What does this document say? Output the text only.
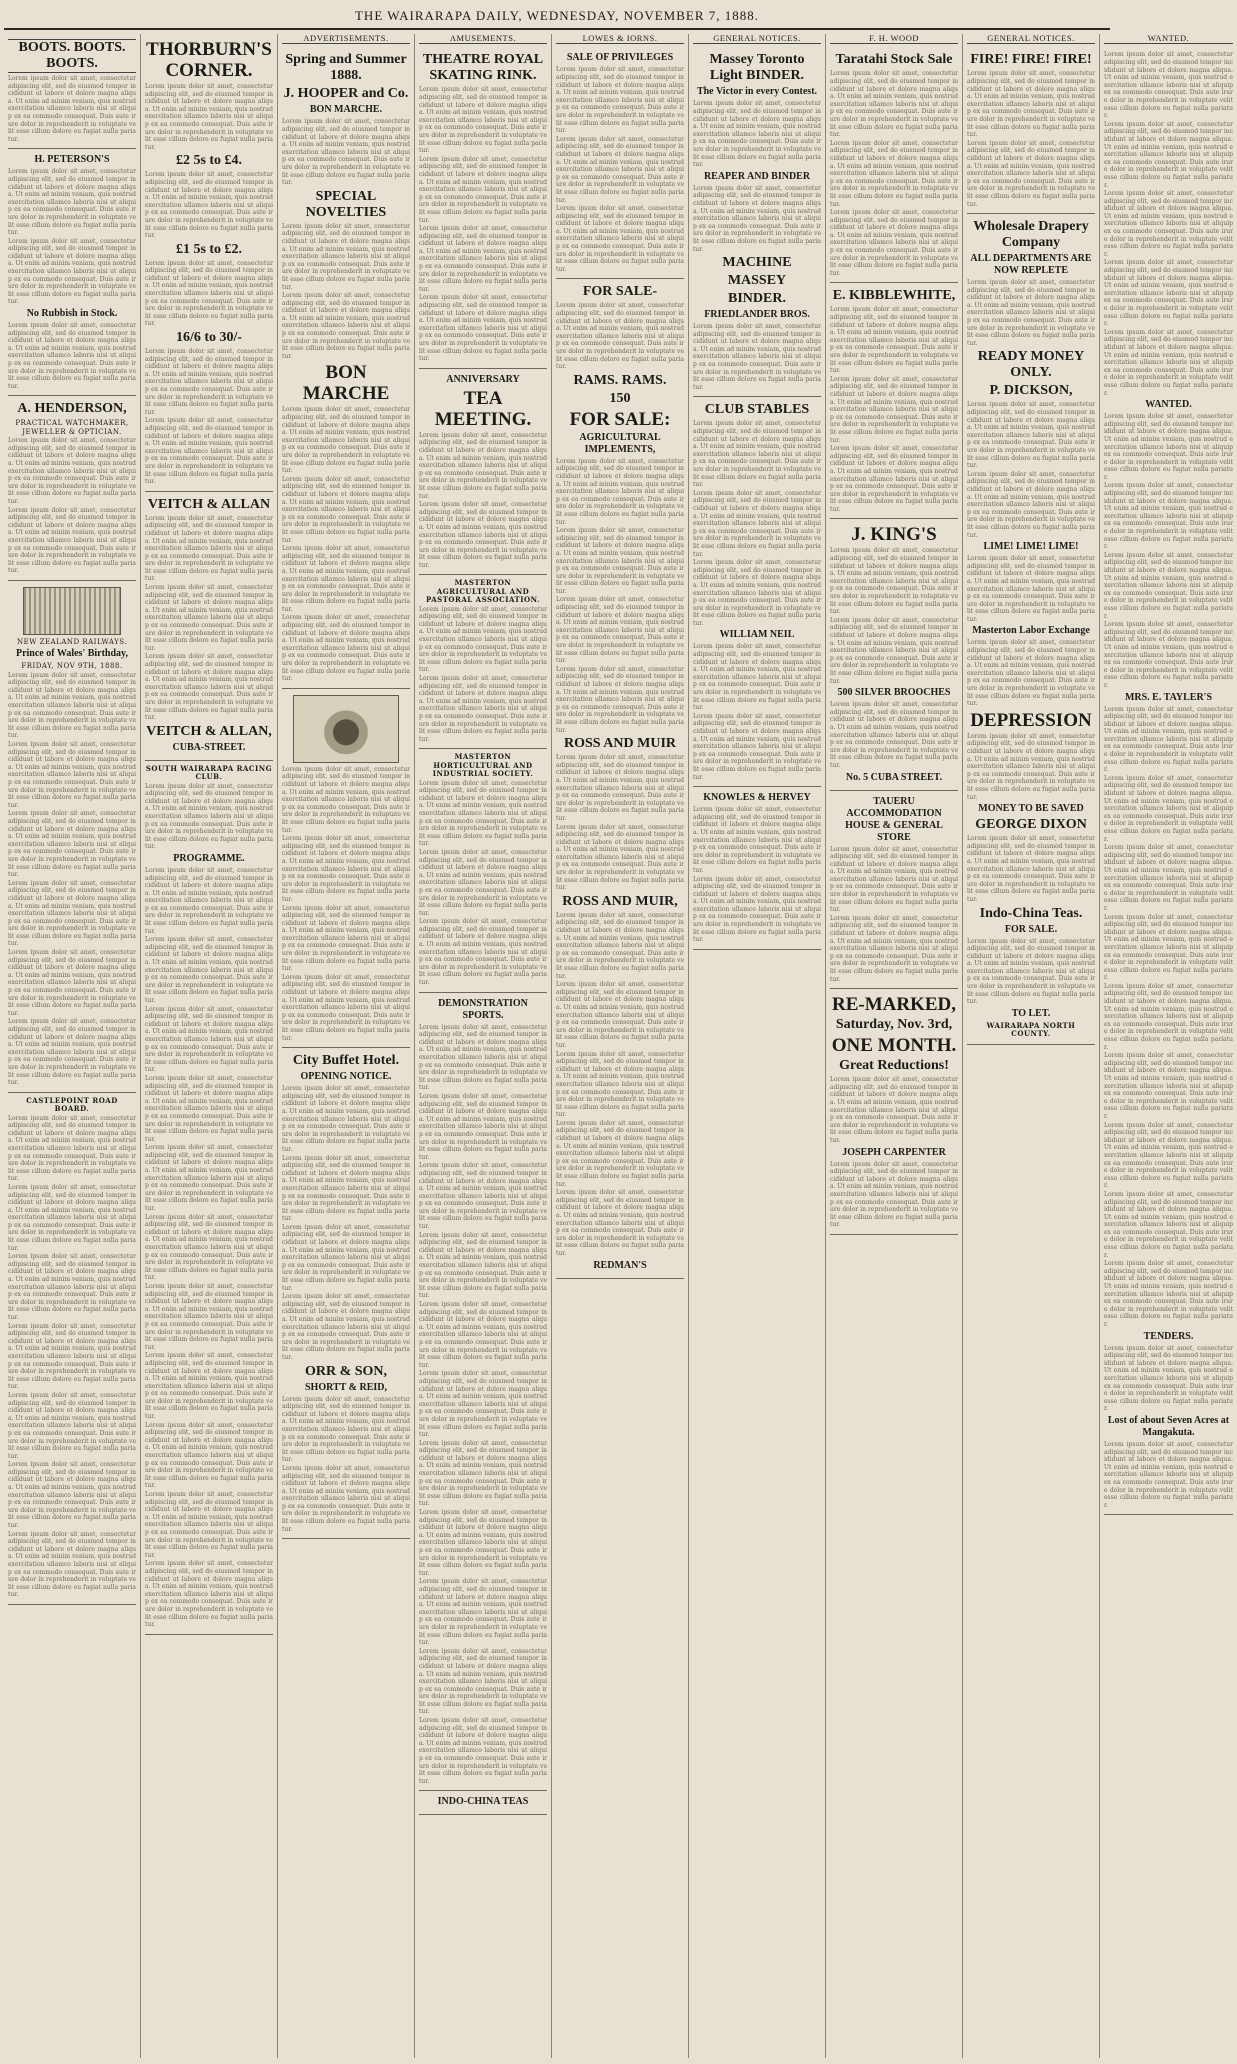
THE WAIRARAPA DAILY, WEDNESDAY, NOVEMBER 7, 1888.
BOOTS. BOOTS. BOOTS.
Lorem ipsum dolor sit amet, consectetur adipiscing elit, sed do eiusmod tempor incididunt ut labore et dolore magna aliqua. Ut enim ad minim veniam, quis nostrud exercitation ullamco laboris nisi ut aliquip ex ea commodo consequat. Duis aute irure dolor in reprehenderit in voluptate velit esse cillum dolore eu fugiat nulla pariatur.
H. PETERSON'S
Lorem ipsum dolor sit amet, consectetur adipiscing elit, sed do eiusmod tempor incididunt ut labore et dolore magna aliqua. Ut enim ad minim veniam, quis nostrud exercitation ullamco laboris nisi ut aliquip ex ea commodo consequat. Duis aute irure dolor in reprehenderit in voluptate velit esse cillum dolore eu fugiat nulla pariatur.
Lorem ipsum dolor sit amet, consectetur adipiscing elit, sed do eiusmod tempor incididunt ut labore et dolore magna aliqua. Ut enim ad minim veniam, quis nostrud exercitation ullamco laboris nisi ut aliquip ex ea commodo consequat. Duis aute irure dolor in reprehenderit in voluptate velit esse cillum dolore eu fugiat nulla pariatur.
No Rubbish in Stock.
Lorem ipsum dolor sit amet, consectetur adipiscing elit, sed do eiusmod tempor incididunt ut labore et dolore magna aliqua. Ut enim ad minim veniam, quis nostrud exercitation ullamco laboris nisi ut aliquip ex ea commodo consequat. Duis aute irure dolor in reprehenderit in voluptate velit esse cillum dolore eu fugiat nulla pariatur.
A. HENDERSON,
PRACTICAL WATCHMAKER, JEWELLER & OPTICIAN.
Lorem ipsum dolor sit amet, consectetur adipiscing elit, sed do eiusmod tempor incididunt ut labore et dolore magna aliqua. Ut enim ad minim veniam, quis nostrud exercitation ullamco laboris nisi ut aliquip ex ea commodo consequat. Duis aute irure dolor in reprehenderit in voluptate velit esse cillum dolore eu fugiat nulla pariatur.
Lorem ipsum dolor sit amet, consectetur adipiscing elit, sed do eiusmod tempor incididunt ut labore et dolore magna aliqua. Ut enim ad minim veniam, quis nostrud exercitation ullamco laboris nisi ut aliquip ex ea commodo consequat. Duis aute irure dolor in reprehenderit in voluptate velit esse cillum dolore eu fugiat nulla pariatur.
NEW ZEALAND RAILWAYS.
Prince of Wales' Birthday,
FRIDAY, NOV 9TH, 1888.
Lorem ipsum dolor sit amet, consectetur adipiscing elit, sed do eiusmod tempor incididunt ut labore et dolore magna aliqua. Ut enim ad minim veniam, quis nostrud exercitation ullamco laboris nisi ut aliquip ex ea commodo consequat. Duis aute irure dolor in reprehenderit in voluptate velit esse cillum dolore eu fugiat nulla pariatur.
Lorem ipsum dolor sit amet, consectetur adipiscing elit, sed do eiusmod tempor incididunt ut labore et dolore magna aliqua. Ut enim ad minim veniam, quis nostrud exercitation ullamco laboris nisi ut aliquip ex ea commodo consequat. Duis aute irure dolor in reprehenderit in voluptate velit esse cillum dolore eu fugiat nulla pariatur.
Lorem ipsum dolor sit amet, consectetur adipiscing elit, sed do eiusmod tempor incididunt ut labore et dolore magna aliqua. Ut enim ad minim veniam, quis nostrud exercitation ullamco laboris nisi ut aliquip ex ea commodo consequat. Duis aute irure dolor in reprehenderit in voluptate velit esse cillum dolore eu fugiat nulla pariatur.
Lorem ipsum dolor sit amet, consectetur adipiscing elit, sed do eiusmod tempor incididunt ut labore et dolore magna aliqua. Ut enim ad minim veniam, quis nostrud exercitation ullamco laboris nisi ut aliquip ex ea commodo consequat. Duis aute irure dolor in reprehenderit in voluptate velit esse cillum dolore eu fugiat nulla pariatur.
Lorem ipsum dolor sit amet, consectetur adipiscing elit, sed do eiusmod tempor incididunt ut labore et dolore magna aliqua. Ut enim ad minim veniam, quis nostrud exercitation ullamco laboris nisi ut aliquip ex ea commodo consequat. Duis aute irure dolor in reprehenderit in voluptate velit esse cillum dolore eu fugiat nulla pariatur.
Lorem ipsum dolor sit amet, consectetur adipiscing elit, sed do eiusmod tempor incididunt ut labore et dolore magna aliqua. Ut enim ad minim veniam, quis nostrud exercitation ullamco laboris nisi ut aliquip ex ea commodo consequat. Duis aute irure dolor in reprehenderit in voluptate velit esse cillum dolore eu fugiat nulla pariatur.
CASTLEPOINT ROAD BOARD.
Lorem ipsum dolor sit amet, consectetur adipiscing elit, sed do eiusmod tempor incididunt ut labore et dolore magna aliqua. Ut enim ad minim veniam, quis nostrud exercitation ullamco laboris nisi ut aliquip ex ea commodo consequat. Duis aute irure dolor in reprehenderit in voluptate velit esse cillum dolore eu fugiat nulla pariatur.
Lorem ipsum dolor sit amet, consectetur adipiscing elit, sed do eiusmod tempor incididunt ut labore et dolore magna aliqua. Ut enim ad minim veniam, quis nostrud exercitation ullamco laboris nisi ut aliquip ex ea commodo consequat. Duis aute irure dolor in reprehenderit in voluptate velit esse cillum dolore eu fugiat nulla pariatur.
Lorem ipsum dolor sit amet, consectetur adipiscing elit, sed do eiusmod tempor incididunt ut labore et dolore magna aliqua. Ut enim ad minim veniam, quis nostrud exercitation ullamco laboris nisi ut aliquip ex ea commodo consequat. Duis aute irure dolor in reprehenderit in voluptate velit esse cillum dolore eu fugiat nulla pariatur.
Lorem ipsum dolor sit amet, consectetur adipiscing elit, sed do eiusmod tempor incididunt ut labore et dolore magna aliqua. Ut enim ad minim veniam, quis nostrud exercitation ullamco laboris nisi ut aliquip ex ea commodo consequat. Duis aute irure dolor in reprehenderit in voluptate velit esse cillum dolore eu fugiat nulla pariatur.
Lorem ipsum dolor sit amet, consectetur adipiscing elit, sed do eiusmod tempor incididunt ut labore et dolore magna aliqua. Ut enim ad minim veniam, quis nostrud exercitation ullamco laboris nisi ut aliquip ex ea commodo consequat. Duis aute irure dolor in reprehenderit in voluptate velit esse cillum dolore eu fugiat nulla pariatur.
Lorem ipsum dolor sit amet, consectetur adipiscing elit, sed do eiusmod tempor incididunt ut labore et dolore magna aliqua. Ut enim ad minim veniam, quis nostrud exercitation ullamco laboris nisi ut aliquip ex ea commodo consequat. Duis aute irure dolor in reprehenderit in voluptate velit esse cillum dolore eu fugiat nulla pariatur.
Lorem ipsum dolor sit amet, consectetur adipiscing elit, sed do eiusmod tempor incididunt ut labore et dolore magna aliqua. Ut enim ad minim veniam, quis nostrud exercitation ullamco laboris nisi ut aliquip ex ea commodo consequat. Duis aute irure dolor in reprehenderit in voluptate velit esse cillum dolore eu fugiat nulla pariatur.
THORBURN'S CORNER.
Lorem ipsum dolor sit amet, consectetur adipiscing elit, sed do eiusmod tempor incididunt ut labore et dolore magna aliqua. Ut enim ad minim veniam, quis nostrud exercitation ullamco laboris nisi ut aliquip ex ea commodo consequat. Duis aute irure dolor in reprehenderit in voluptate velit esse cillum dolore eu fugiat nulla pariatur.
£2 5s to £4.
Lorem ipsum dolor sit amet, consectetur adipiscing elit, sed do eiusmod tempor incididunt ut labore et dolore magna aliqua. Ut enim ad minim veniam, quis nostrud exercitation ullamco laboris nisi ut aliquip ex ea commodo consequat. Duis aute irure dolor in reprehenderit in voluptate velit esse cillum dolore eu fugiat nulla pariatur.
£1 5s to £2.
Lorem ipsum dolor sit amet, consectetur adipiscing elit, sed do eiusmod tempor incididunt ut labore et dolore magna aliqua. Ut enim ad minim veniam, quis nostrud exercitation ullamco laboris nisi ut aliquip ex ea commodo consequat. Duis aute irure dolor in reprehenderit in voluptate velit esse cillum dolore eu fugiat nulla pariatur.
16/6 to 30/-
Lorem ipsum dolor sit amet, consectetur adipiscing elit, sed do eiusmod tempor incididunt ut labore et dolore magna aliqua. Ut enim ad minim veniam, quis nostrud exercitation ullamco laboris nisi ut aliquip ex ea commodo consequat. Duis aute irure dolor in reprehenderit in voluptate velit esse cillum dolore eu fugiat nulla pariatur.
Lorem ipsum dolor sit amet, consectetur adipiscing elit, sed do eiusmod tempor incididunt ut labore et dolore magna aliqua. Ut enim ad minim veniam, quis nostrud exercitation ullamco laboris nisi ut aliquip ex ea commodo consequat. Duis aute irure dolor in reprehenderit in voluptate velit esse cillum dolore eu fugiat nulla pariatur.
VEITCH & ALLAN
Lorem ipsum dolor sit amet, consectetur adipiscing elit, sed do eiusmod tempor incididunt ut labore et dolore magna aliqua. Ut enim ad minim veniam, quis nostrud exercitation ullamco laboris nisi ut aliquip ex ea commodo consequat. Duis aute irure dolor in reprehenderit in voluptate velit esse cillum dolore eu fugiat nulla pariatur.
Lorem ipsum dolor sit amet, consectetur adipiscing elit, sed do eiusmod tempor incididunt ut labore et dolore magna aliqua. Ut enim ad minim veniam, quis nostrud exercitation ullamco laboris nisi ut aliquip ex ea commodo consequat. Duis aute irure dolor in reprehenderit in voluptate velit esse cillum dolore eu fugiat nulla pariatur.
Lorem ipsum dolor sit amet, consectetur adipiscing elit, sed do eiusmod tempor incididunt ut labore et dolore magna aliqua. Ut enim ad minim veniam, quis nostrud exercitation ullamco laboris nisi ut aliquip ex ea commodo consequat. Duis aute irure dolor in reprehenderit in voluptate velit esse cillum dolore eu fugiat nulla pariatur.
VEITCH & ALLAN,
CUBA-STREET.
SOUTH WAIRARAPA RACING CLUB.
Lorem ipsum dolor sit amet, consectetur adipiscing elit, sed do eiusmod tempor incididunt ut labore et dolore magna aliqua. Ut enim ad minim veniam, quis nostrud exercitation ullamco laboris nisi ut aliquip ex ea commodo consequat. Duis aute irure dolor in reprehenderit in voluptate velit esse cillum dolore eu fugiat nulla pariatur.
PROGRAMME.
Lorem ipsum dolor sit amet, consectetur adipiscing elit, sed do eiusmod tempor incididunt ut labore et dolore magna aliqua. Ut enim ad minim veniam, quis nostrud exercitation ullamco laboris nisi ut aliquip ex ea commodo consequat. Duis aute irure dolor in reprehenderit in voluptate velit esse cillum dolore eu fugiat nulla pariatur.
Lorem ipsum dolor sit amet, consectetur adipiscing elit, sed do eiusmod tempor incididunt ut labore et dolore magna aliqua. Ut enim ad minim veniam, quis nostrud exercitation ullamco laboris nisi ut aliquip ex ea commodo consequat. Duis aute irure dolor in reprehenderit in voluptate velit esse cillum dolore eu fugiat nulla pariatur.
Lorem ipsum dolor sit amet, consectetur adipiscing elit, sed do eiusmod tempor incididunt ut labore et dolore magna aliqua. Ut enim ad minim veniam, quis nostrud exercitation ullamco laboris nisi ut aliquip ex ea commodo consequat. Duis aute irure dolor in reprehenderit in voluptate velit esse cillum dolore eu fugiat nulla pariatur.
Lorem ipsum dolor sit amet, consectetur adipiscing elit, sed do eiusmod tempor incididunt ut labore et dolore magna aliqua. Ut enim ad minim veniam, quis nostrud exercitation ullamco laboris nisi ut aliquip ex ea commodo consequat. Duis aute irure dolor in reprehenderit in voluptate velit esse cillum dolore eu fugiat nulla pariatur.
Lorem ipsum dolor sit amet, consectetur adipiscing elit, sed do eiusmod tempor incididunt ut labore et dolore magna aliqua. Ut enim ad minim veniam, quis nostrud exercitation ullamco laboris nisi ut aliquip ex ea commodo consequat. Duis aute irure dolor in reprehenderit in voluptate velit esse cillum dolore eu fugiat nulla pariatur.
Lorem ipsum dolor sit amet, consectetur adipiscing elit, sed do eiusmod tempor incididunt ut labore et dolore magna aliqua. Ut enim ad minim veniam, quis nostrud exercitation ullamco laboris nisi ut aliquip ex ea commodo consequat. Duis aute irure dolor in reprehenderit in voluptate velit esse cillum dolore eu fugiat nulla pariatur.
Lorem ipsum dolor sit amet, consectetur adipiscing elit, sed do eiusmod tempor incididunt ut labore et dolore magna aliqua. Ut enim ad minim veniam, quis nostrud exercitation ullamco laboris nisi ut aliquip ex ea commodo consequat. Duis aute irure dolor in reprehenderit in voluptate velit esse cillum dolore eu fugiat nulla pariatur.
Lorem ipsum dolor sit amet, consectetur adipiscing elit, sed do eiusmod tempor incididunt ut labore et dolore magna aliqua. Ut enim ad minim veniam, quis nostrud exercitation ullamco laboris nisi ut aliquip ex ea commodo consequat. Duis aute irure dolor in reprehenderit in voluptate velit esse cillum dolore eu fugiat nulla pariatur.
Lorem ipsum dolor sit amet, consectetur adipiscing elit, sed do eiusmod tempor incididunt ut labore et dolore magna aliqua. Ut enim ad minim veniam, quis nostrud exercitation ullamco laboris nisi ut aliquip ex ea commodo consequat. Duis aute irure dolor in reprehenderit in voluptate velit esse cillum dolore eu fugiat nulla pariatur.
Lorem ipsum dolor sit amet, consectetur adipiscing elit, sed do eiusmod tempor incididunt ut labore et dolore magna aliqua. Ut enim ad minim veniam, quis nostrud exercitation ullamco laboris nisi ut aliquip ex ea commodo consequat. Duis aute irure dolor in reprehenderit in voluptate velit esse cillum dolore eu fugiat nulla pariatur.
Lorem ipsum dolor sit amet, consectetur adipiscing elit, sed do eiusmod tempor incididunt ut labore et dolore magna aliqua. Ut enim ad minim veniam, quis nostrud exercitation ullamco laboris nisi ut aliquip ex ea commodo consequat. Duis aute irure dolor in reprehenderit in voluptate velit esse cillum dolore eu fugiat nulla pariatur.
ADVERTISEMENTS.
Spring and Summer 1888.
J. HOOPER and Co.
BON MARCHE.
Lorem ipsum dolor sit amet, consectetur adipiscing elit, sed do eiusmod tempor incididunt ut labore et dolore magna aliqua. Ut enim ad minim veniam, quis nostrud exercitation ullamco laboris nisi ut aliquip ex ea commodo consequat. Duis aute irure dolor in reprehenderit in voluptate velit esse cillum dolore eu fugiat nulla pariatur.
SPECIAL NOVELTIES
Lorem ipsum dolor sit amet, consectetur adipiscing elit, sed do eiusmod tempor incididunt ut labore et dolore magna aliqua. Ut enim ad minim veniam, quis nostrud exercitation ullamco laboris nisi ut aliquip ex ea commodo consequat. Duis aute irure dolor in reprehenderit in voluptate velit esse cillum dolore eu fugiat nulla pariatur.
Lorem ipsum dolor sit amet, consectetur adipiscing elit, sed do eiusmod tempor incididunt ut labore et dolore magna aliqua. Ut enim ad minim veniam, quis nostrud exercitation ullamco laboris nisi ut aliquip ex ea commodo consequat. Duis aute irure dolor in reprehenderit in voluptate velit esse cillum dolore eu fugiat nulla pariatur.
BON MARCHE
Lorem ipsum dolor sit amet, consectetur adipiscing elit, sed do eiusmod tempor incididunt ut labore et dolore magna aliqua. Ut enim ad minim veniam, quis nostrud exercitation ullamco laboris nisi ut aliquip ex ea commodo consequat. Duis aute irure dolor in reprehenderit in voluptate velit esse cillum dolore eu fugiat nulla pariatur.
Lorem ipsum dolor sit amet, consectetur adipiscing elit, sed do eiusmod tempor incididunt ut labore et dolore magna aliqua. Ut enim ad minim veniam, quis nostrud exercitation ullamco laboris nisi ut aliquip ex ea commodo consequat. Duis aute irure dolor in reprehenderit in voluptate velit esse cillum dolore eu fugiat nulla pariatur.
Lorem ipsum dolor sit amet, consectetur adipiscing elit, sed do eiusmod tempor incididunt ut labore et dolore magna aliqua. Ut enim ad minim veniam, quis nostrud exercitation ullamco laboris nisi ut aliquip ex ea commodo consequat. Duis aute irure dolor in reprehenderit in voluptate velit esse cillum dolore eu fugiat nulla pariatur.
Lorem ipsum dolor sit amet, consectetur adipiscing elit, sed do eiusmod tempor incididunt ut labore et dolore magna aliqua. Ut enim ad minim veniam, quis nostrud exercitation ullamco laboris nisi ut aliquip ex ea commodo consequat. Duis aute irure dolor in reprehenderit in voluptate velit esse cillum dolore eu fugiat nulla pariatur.
Lorem ipsum dolor sit amet, consectetur adipiscing elit, sed do eiusmod tempor incididunt ut labore et dolore magna aliqua. Ut enim ad minim veniam, quis nostrud exercitation ullamco laboris nisi ut aliquip ex ea commodo consequat. Duis aute irure dolor in reprehenderit in voluptate velit esse cillum dolore eu fugiat nulla pariatur.
Lorem ipsum dolor sit amet, consectetur adipiscing elit, sed do eiusmod tempor incididunt ut labore et dolore magna aliqua. Ut enim ad minim veniam, quis nostrud exercitation ullamco laboris nisi ut aliquip ex ea commodo consequat. Duis aute irure dolor in reprehenderit in voluptate velit esse cillum dolore eu fugiat nulla pariatur.
Lorem ipsum dolor sit amet, consectetur adipiscing elit, sed do eiusmod tempor incididunt ut labore et dolore magna aliqua. Ut enim ad minim veniam, quis nostrud exercitation ullamco laboris nisi ut aliquip ex ea commodo consequat. Duis aute irure dolor in reprehenderit in voluptate velit esse cillum dolore eu fugiat nulla pariatur.
Lorem ipsum dolor sit amet, consectetur adipiscing elit, sed do eiusmod tempor incididunt ut labore et dolore magna aliqua. Ut enim ad minim veniam, quis nostrud exercitation ullamco laboris nisi ut aliquip ex ea commodo consequat. Duis aute irure dolor in reprehenderit in voluptate velit esse cillum dolore eu fugiat nulla pariatur.
City Buffet Hotel.
OPENING NOTICE.
Lorem ipsum dolor sit amet, consectetur adipiscing elit, sed do eiusmod tempor incididunt ut labore et dolore magna aliqua. Ut enim ad minim veniam, quis nostrud exercitation ullamco laboris nisi ut aliquip ex ea commodo consequat. Duis aute irure dolor in reprehenderit in voluptate velit esse cillum dolore eu fugiat nulla pariatur.
Lorem ipsum dolor sit amet, consectetur adipiscing elit, sed do eiusmod tempor incididunt ut labore et dolore magna aliqua. Ut enim ad minim veniam, quis nostrud exercitation ullamco laboris nisi ut aliquip ex ea commodo consequat. Duis aute irure dolor in reprehenderit in voluptate velit esse cillum dolore eu fugiat nulla pariatur.
Lorem ipsum dolor sit amet, consectetur adipiscing elit, sed do eiusmod tempor incididunt ut labore et dolore magna aliqua. Ut enim ad minim veniam, quis nostrud exercitation ullamco laboris nisi ut aliquip ex ea commodo consequat. Duis aute irure dolor in reprehenderit in voluptate velit esse cillum dolore eu fugiat nulla pariatur.
Lorem ipsum dolor sit amet, consectetur adipiscing elit, sed do eiusmod tempor incididunt ut labore et dolore magna aliqua. Ut enim ad minim veniam, quis nostrud exercitation ullamco laboris nisi ut aliquip ex ea commodo consequat. Duis aute irure dolor in reprehenderit in voluptate velit esse cillum dolore eu fugiat nulla pariatur.
ORR & SON,
SHORTT & REID,
Lorem ipsum dolor sit amet, consectetur adipiscing elit, sed do eiusmod tempor incididunt ut labore et dolore magna aliqua. Ut enim ad minim veniam, quis nostrud exercitation ullamco laboris nisi ut aliquip ex ea commodo consequat. Duis aute irure dolor in reprehenderit in voluptate velit esse cillum dolore eu fugiat nulla pariatur.
Lorem ipsum dolor sit amet, consectetur adipiscing elit, sed do eiusmod tempor incididunt ut labore et dolore magna aliqua. Ut enim ad minim veniam, quis nostrud exercitation ullamco laboris nisi ut aliquip ex ea commodo consequat. Duis aute irure dolor in reprehenderit in voluptate velit esse cillum dolore eu fugiat nulla pariatur.
AMUSEMENTS.
THEATRE ROYAL SKATING RINK.
Lorem ipsum dolor sit amet, consectetur adipiscing elit, sed do eiusmod tempor incididunt ut labore et dolore magna aliqua. Ut enim ad minim veniam, quis nostrud exercitation ullamco laboris nisi ut aliquip ex ea commodo consequat. Duis aute irure dolor in reprehenderit in voluptate velit esse cillum dolore eu fugiat nulla pariatur.
Lorem ipsum dolor sit amet, consectetur adipiscing elit, sed do eiusmod tempor incididunt ut labore et dolore magna aliqua. Ut enim ad minim veniam, quis nostrud exercitation ullamco laboris nisi ut aliquip ex ea commodo consequat. Duis aute irure dolor in reprehenderit in voluptate velit esse cillum dolore eu fugiat nulla pariatur.
Lorem ipsum dolor sit amet, consectetur adipiscing elit, sed do eiusmod tempor incididunt ut labore et dolore magna aliqua. Ut enim ad minim veniam, quis nostrud exercitation ullamco laboris nisi ut aliquip ex ea commodo consequat. Duis aute irure dolor in reprehenderit in voluptate velit esse cillum dolore eu fugiat nulla pariatur.
Lorem ipsum dolor sit amet, consectetur adipiscing elit, sed do eiusmod tempor incididunt ut labore et dolore magna aliqua. Ut enim ad minim veniam, quis nostrud exercitation ullamco laboris nisi ut aliquip ex ea commodo consequat. Duis aute irure dolor in reprehenderit in voluptate velit esse cillum dolore eu fugiat nulla pariatur.
ANNIVERSARY
TEA MEETING.
Lorem ipsum dolor sit amet, consectetur adipiscing elit, sed do eiusmod tempor incididunt ut labore et dolore magna aliqua. Ut enim ad minim veniam, quis nostrud exercitation ullamco laboris nisi ut aliquip ex ea commodo consequat. Duis aute irure dolor in reprehenderit in voluptate velit esse cillum dolore eu fugiat nulla pariatur.
Lorem ipsum dolor sit amet, consectetur adipiscing elit, sed do eiusmod tempor incididunt ut labore et dolore magna aliqua. Ut enim ad minim veniam, quis nostrud exercitation ullamco laboris nisi ut aliquip ex ea commodo consequat. Duis aute irure dolor in reprehenderit in voluptate velit esse cillum dolore eu fugiat nulla pariatur.
MASTERTON AGRICULTURAL AND PASTORAL ASSOCIATION.
Lorem ipsum dolor sit amet, consectetur adipiscing elit, sed do eiusmod tempor incididunt ut labore et dolore magna aliqua. Ut enim ad minim veniam, quis nostrud exercitation ullamco laboris nisi ut aliquip ex ea commodo consequat. Duis aute irure dolor in reprehenderit in voluptate velit esse cillum dolore eu fugiat nulla pariatur.
Lorem ipsum dolor sit amet, consectetur adipiscing elit, sed do eiusmod tempor incididunt ut labore et dolore magna aliqua. Ut enim ad minim veniam, quis nostrud exercitation ullamco laboris nisi ut aliquip ex ea commodo consequat. Duis aute irure dolor in reprehenderit in voluptate velit esse cillum dolore eu fugiat nulla pariatur.
MASTERTON HORTICULTURAL AND INDUSTRIAL SOCIETY.
Lorem ipsum dolor sit amet, consectetur adipiscing elit, sed do eiusmod tempor incididunt ut labore et dolore magna aliqua. Ut enim ad minim veniam, quis nostrud exercitation ullamco laboris nisi ut aliquip ex ea commodo consequat. Duis aute irure dolor in reprehenderit in voluptate velit esse cillum dolore eu fugiat nulla pariatur.
Lorem ipsum dolor sit amet, consectetur adipiscing elit, sed do eiusmod tempor incididunt ut labore et dolore magna aliqua. Ut enim ad minim veniam, quis nostrud exercitation ullamco laboris nisi ut aliquip ex ea commodo consequat. Duis aute irure dolor in reprehenderit in voluptate velit esse cillum dolore eu fugiat nulla pariatur.
Lorem ipsum dolor sit amet, consectetur adipiscing elit, sed do eiusmod tempor incididunt ut labore et dolore magna aliqua. Ut enim ad minim veniam, quis nostrud exercitation ullamco laboris nisi ut aliquip ex ea commodo consequat. Duis aute irure dolor in reprehenderit in voluptate velit esse cillum dolore eu fugiat nulla pariatur.
DEMONSTRATION SPORTS.
Lorem ipsum dolor sit amet, consectetur adipiscing elit, sed do eiusmod tempor incididunt ut labore et dolore magna aliqua. Ut enim ad minim veniam, quis nostrud exercitation ullamco laboris nisi ut aliquip ex ea commodo consequat. Duis aute irure dolor in reprehenderit in voluptate velit esse cillum dolore eu fugiat nulla pariatur.
Lorem ipsum dolor sit amet, consectetur adipiscing elit, sed do eiusmod tempor incididunt ut labore et dolore magna aliqua. Ut enim ad minim veniam, quis nostrud exercitation ullamco laboris nisi ut aliquip ex ea commodo consequat. Duis aute irure dolor in reprehenderit in voluptate velit esse cillum dolore eu fugiat nulla pariatur.
Lorem ipsum dolor sit amet, consectetur adipiscing elit, sed do eiusmod tempor incididunt ut labore et dolore magna aliqua. Ut enim ad minim veniam, quis nostrud exercitation ullamco laboris nisi ut aliquip ex ea commodo consequat. Duis aute irure dolor in reprehenderit in voluptate velit esse cillum dolore eu fugiat nulla pariatur.
Lorem ipsum dolor sit amet, consectetur adipiscing elit, sed do eiusmod tempor incididunt ut labore et dolore magna aliqua. Ut enim ad minim veniam, quis nostrud exercitation ullamco laboris nisi ut aliquip ex ea commodo consequat. Duis aute irure dolor in reprehenderit in voluptate velit esse cillum dolore eu fugiat nulla pariatur.
Lorem ipsum dolor sit amet, consectetur adipiscing elit, sed do eiusmod tempor incididunt ut labore et dolore magna aliqua. Ut enim ad minim veniam, quis nostrud exercitation ullamco laboris nisi ut aliquip ex ea commodo consequat. Duis aute irure dolor in reprehenderit in voluptate velit esse cillum dolore eu fugiat nulla pariatur.
Lorem ipsum dolor sit amet, consectetur adipiscing elit, sed do eiusmod tempor incididunt ut labore et dolore magna aliqua. Ut enim ad minim veniam, quis nostrud exercitation ullamco laboris nisi ut aliquip ex ea commodo consequat. Duis aute irure dolor in reprehenderit in voluptate velit esse cillum dolore eu fugiat nulla pariatur.
Lorem ipsum dolor sit amet, consectetur adipiscing elit, sed do eiusmod tempor incididunt ut labore et dolore magna aliqua. Ut enim ad minim veniam, quis nostrud exercitation ullamco laboris nisi ut aliquip ex ea commodo consequat. Duis aute irure dolor in reprehenderit in voluptate velit esse cillum dolore eu fugiat nulla pariatur.
Lorem ipsum dolor sit amet, consectetur adipiscing elit, sed do eiusmod tempor incididunt ut labore et dolore magna aliqua. Ut enim ad minim veniam, quis nostrud exercitation ullamco laboris nisi ut aliquip ex ea commodo consequat. Duis aute irure dolor in reprehenderit in voluptate velit esse cillum dolore eu fugiat nulla pariatur.
Lorem ipsum dolor sit amet, consectetur adipiscing elit, sed do eiusmod tempor incididunt ut labore et dolore magna aliqua. Ut enim ad minim veniam, quis nostrud exercitation ullamco laboris nisi ut aliquip ex ea commodo consequat. Duis aute irure dolor in reprehenderit in voluptate velit esse cillum dolore eu fugiat nulla pariatur.
Lorem ipsum dolor sit amet, consectetur adipiscing elit, sed do eiusmod tempor incididunt ut labore et dolore magna aliqua. Ut enim ad minim veniam, quis nostrud exercitation ullamco laboris nisi ut aliquip ex ea commodo consequat. Duis aute irure dolor in reprehenderit in voluptate velit esse cillum dolore eu fugiat nulla pariatur.
Lorem ipsum dolor sit amet, consectetur adipiscing elit, sed do eiusmod tempor incididunt ut labore et dolore magna aliqua. Ut enim ad minim veniam, quis nostrud exercitation ullamco laboris nisi ut aliquip ex ea commodo consequat. Duis aute irure dolor in reprehenderit in voluptate velit esse cillum dolore eu fugiat nulla pariatur.
INDO-CHINA TEAS
LOWES & IORNS.
SALE OF PRIVILEGES
Lorem ipsum dolor sit amet, consectetur adipiscing elit, sed do eiusmod tempor incididunt ut labore et dolore magna aliqua. Ut enim ad minim veniam, quis nostrud exercitation ullamco laboris nisi ut aliquip ex ea commodo consequat. Duis aute irure dolor in reprehenderit in voluptate velit esse cillum dolore eu fugiat nulla pariatur.
Lorem ipsum dolor sit amet, consectetur adipiscing elit, sed do eiusmod tempor incididunt ut labore et dolore magna aliqua. Ut enim ad minim veniam, quis nostrud exercitation ullamco laboris nisi ut aliquip ex ea commodo consequat. Duis aute irure dolor in reprehenderit in voluptate velit esse cillum dolore eu fugiat nulla pariatur.
Lorem ipsum dolor sit amet, consectetur adipiscing elit, sed do eiusmod tempor incididunt ut labore et dolore magna aliqua. Ut enim ad minim veniam, quis nostrud exercitation ullamco laboris nisi ut aliquip ex ea commodo consequat. Duis aute irure dolor in reprehenderit in voluptate velit esse cillum dolore eu fugiat nulla pariatur.
FOR SALE-
Lorem ipsum dolor sit amet, consectetur adipiscing elit, sed do eiusmod tempor incididunt ut labore et dolore magna aliqua. Ut enim ad minim veniam, quis nostrud exercitation ullamco laboris nisi ut aliquip ex ea commodo consequat. Duis aute irure dolor in reprehenderit in voluptate velit esse cillum dolore eu fugiat nulla pariatur.
RAMS. RAMS.
150
FOR SALE:
AGRICULTURAL IMPLEMENTS,
Lorem ipsum dolor sit amet, consectetur adipiscing elit, sed do eiusmod tempor incididunt ut labore et dolore magna aliqua. Ut enim ad minim veniam, quis nostrud exercitation ullamco laboris nisi ut aliquip ex ea commodo consequat. Duis aute irure dolor in reprehenderit in voluptate velit esse cillum dolore eu fugiat nulla pariatur.
Lorem ipsum dolor sit amet, consectetur adipiscing elit, sed do eiusmod tempor incididunt ut labore et dolore magna aliqua. Ut enim ad minim veniam, quis nostrud exercitation ullamco laboris nisi ut aliquip ex ea commodo consequat. Duis aute irure dolor in reprehenderit in voluptate velit esse cillum dolore eu fugiat nulla pariatur.
Lorem ipsum dolor sit amet, consectetur adipiscing elit, sed do eiusmod tempor incididunt ut labore et dolore magna aliqua. Ut enim ad minim veniam, quis nostrud exercitation ullamco laboris nisi ut aliquip ex ea commodo consequat. Duis aute irure dolor in reprehenderit in voluptate velit esse cillum dolore eu fugiat nulla pariatur.
Lorem ipsum dolor sit amet, consectetur adipiscing elit, sed do eiusmod tempor incididunt ut labore et dolore magna aliqua. Ut enim ad minim veniam, quis nostrud exercitation ullamco laboris nisi ut aliquip ex ea commodo consequat. Duis aute irure dolor in reprehenderit in voluptate velit esse cillum dolore eu fugiat nulla pariatur.
ROSS AND MUIR
Lorem ipsum dolor sit amet, consectetur adipiscing elit, sed do eiusmod tempor incididunt ut labore et dolore magna aliqua. Ut enim ad minim veniam, quis nostrud exercitation ullamco laboris nisi ut aliquip ex ea commodo consequat. Duis aute irure dolor in reprehenderit in voluptate velit esse cillum dolore eu fugiat nulla pariatur.
Lorem ipsum dolor sit amet, consectetur adipiscing elit, sed do eiusmod tempor incididunt ut labore et dolore magna aliqua. Ut enim ad minim veniam, quis nostrud exercitation ullamco laboris nisi ut aliquip ex ea commodo consequat. Duis aute irure dolor in reprehenderit in voluptate velit esse cillum dolore eu fugiat nulla pariatur.
ROSS AND MUIR,
Lorem ipsum dolor sit amet, consectetur adipiscing elit, sed do eiusmod tempor incididunt ut labore et dolore magna aliqua. Ut enim ad minim veniam, quis nostrud exercitation ullamco laboris nisi ut aliquip ex ea commodo consequat. Duis aute irure dolor in reprehenderit in voluptate velit esse cillum dolore eu fugiat nulla pariatur.
Lorem ipsum dolor sit amet, consectetur adipiscing elit, sed do eiusmod tempor incididunt ut labore et dolore magna aliqua. Ut enim ad minim veniam, quis nostrud exercitation ullamco laboris nisi ut aliquip ex ea commodo consequat. Duis aute irure dolor in reprehenderit in voluptate velit esse cillum dolore eu fugiat nulla pariatur.
Lorem ipsum dolor sit amet, consectetur adipiscing elit, sed do eiusmod tempor incididunt ut labore et dolore magna aliqua. Ut enim ad minim veniam, quis nostrud exercitation ullamco laboris nisi ut aliquip ex ea commodo consequat. Duis aute irure dolor in reprehenderit in voluptate velit esse cillum dolore eu fugiat nulla pariatur.
Lorem ipsum dolor sit amet, consectetur adipiscing elit, sed do eiusmod tempor incididunt ut labore et dolore magna aliqua. Ut enim ad minim veniam, quis nostrud exercitation ullamco laboris nisi ut aliquip ex ea commodo consequat. Duis aute irure dolor in reprehenderit in voluptate velit esse cillum dolore eu fugiat nulla pariatur.
Lorem ipsum dolor sit amet, consectetur adipiscing elit, sed do eiusmod tempor incididunt ut labore et dolore magna aliqua. Ut enim ad minim veniam, quis nostrud exercitation ullamco laboris nisi ut aliquip ex ea commodo consequat. Duis aute irure dolor in reprehenderit in voluptate velit esse cillum dolore eu fugiat nulla pariatur.
REDMAN'S
GENERAL NOTICES.
Massey Toronto Light BINDER.
The Victor in every Contest.
Lorem ipsum dolor sit amet, consectetur adipiscing elit, sed do eiusmod tempor incididunt ut labore et dolore magna aliqua. Ut enim ad minim veniam, quis nostrud exercitation ullamco laboris nisi ut aliquip ex ea commodo consequat. Duis aute irure dolor in reprehenderit in voluptate velit esse cillum dolore eu fugiat nulla pariatur.
REAPER AND BINDER
Lorem ipsum dolor sit amet, consectetur adipiscing elit, sed do eiusmod tempor incididunt ut labore et dolore magna aliqua. Ut enim ad minim veniam, quis nostrud exercitation ullamco laboris nisi ut aliquip ex ea commodo consequat. Duis aute irure dolor in reprehenderit in voluptate velit esse cillum dolore eu fugiat nulla pariatur.
MACHINE
MASSEY
BINDER.
FRIEDLANDER BROS.
Lorem ipsum dolor sit amet, consectetur adipiscing elit, sed do eiusmod tempor incididunt ut labore et dolore magna aliqua. Ut enim ad minim veniam, quis nostrud exercitation ullamco laboris nisi ut aliquip ex ea commodo consequat. Duis aute irure dolor in reprehenderit in voluptate velit esse cillum dolore eu fugiat nulla pariatur.
CLUB STABLES
Lorem ipsum dolor sit amet, consectetur adipiscing elit, sed do eiusmod tempor incididunt ut labore et dolore magna aliqua. Ut enim ad minim veniam, quis nostrud exercitation ullamco laboris nisi ut aliquip ex ea commodo consequat. Duis aute irure dolor in reprehenderit in voluptate velit esse cillum dolore eu fugiat nulla pariatur.
Lorem ipsum dolor sit amet, consectetur adipiscing elit, sed do eiusmod tempor incididunt ut labore et dolore magna aliqua. Ut enim ad minim veniam, quis nostrud exercitation ullamco laboris nisi ut aliquip ex ea commodo consequat. Duis aute irure dolor in reprehenderit in voluptate velit esse cillum dolore eu fugiat nulla pariatur.
Lorem ipsum dolor sit amet, consectetur adipiscing elit, sed do eiusmod tempor incididunt ut labore et dolore magna aliqua. Ut enim ad minim veniam, quis nostrud exercitation ullamco laboris nisi ut aliquip ex ea commodo consequat. Duis aute irure dolor in reprehenderit in voluptate velit esse cillum dolore eu fugiat nulla pariatur.
WILLIAM NEIL
Lorem ipsum dolor sit amet, consectetur adipiscing elit, sed do eiusmod tempor incididunt ut labore et dolore magna aliqua. Ut enim ad minim veniam, quis nostrud exercitation ullamco laboris nisi ut aliquip ex ea commodo consequat. Duis aute irure dolor in reprehenderit in voluptate velit esse cillum dolore eu fugiat nulla pariatur.
Lorem ipsum dolor sit amet, consectetur adipiscing elit, sed do eiusmod tempor incididunt ut labore et dolore magna aliqua. Ut enim ad minim veniam, quis nostrud exercitation ullamco laboris nisi ut aliquip ex ea commodo consequat. Duis aute irure dolor in reprehenderit in voluptate velit esse cillum dolore eu fugiat nulla pariatur.
KNOWLES & HERVEY
Lorem ipsum dolor sit amet, consectetur adipiscing elit, sed do eiusmod tempor incididunt ut labore et dolore magna aliqua. Ut enim ad minim veniam, quis nostrud exercitation ullamco laboris nisi ut aliquip ex ea commodo consequat. Duis aute irure dolor in reprehenderit in voluptate velit esse cillum dolore eu fugiat nulla pariatur.
Lorem ipsum dolor sit amet, consectetur adipiscing elit, sed do eiusmod tempor incididunt ut labore et dolore magna aliqua. Ut enim ad minim veniam, quis nostrud exercitation ullamco laboris nisi ut aliquip ex ea commodo consequat. Duis aute irure dolor in reprehenderit in voluptate velit esse cillum dolore eu fugiat nulla pariatur.
F. H. WOOD
Taratahi Stock Sale
Lorem ipsum dolor sit amet, consectetur adipiscing elit, sed do eiusmod tempor incididunt ut labore et dolore magna aliqua. Ut enim ad minim veniam, quis nostrud exercitation ullamco laboris nisi ut aliquip ex ea commodo consequat. Duis aute irure dolor in reprehenderit in voluptate velit esse cillum dolore eu fugiat nulla pariatur.
Lorem ipsum dolor sit amet, consectetur adipiscing elit, sed do eiusmod tempor incididunt ut labore et dolore magna aliqua. Ut enim ad minim veniam, quis nostrud exercitation ullamco laboris nisi ut aliquip ex ea commodo consequat. Duis aute irure dolor in reprehenderit in voluptate velit esse cillum dolore eu fugiat nulla pariatur.
Lorem ipsum dolor sit amet, consectetur adipiscing elit, sed do eiusmod tempor incididunt ut labore et dolore magna aliqua. Ut enim ad minim veniam, quis nostrud exercitation ullamco laboris nisi ut aliquip ex ea commodo consequat. Duis aute irure dolor in reprehenderit in voluptate velit esse cillum dolore eu fugiat nulla pariatur.
E. KIBBLEWHITE,
Lorem ipsum dolor sit amet, consectetur adipiscing elit, sed do eiusmod tempor incididunt ut labore et dolore magna aliqua. Ut enim ad minim veniam, quis nostrud exercitation ullamco laboris nisi ut aliquip ex ea commodo consequat. Duis aute irure dolor in reprehenderit in voluptate velit esse cillum dolore eu fugiat nulla pariatur.
Lorem ipsum dolor sit amet, consectetur adipiscing elit, sed do eiusmod tempor incididunt ut labore et dolore magna aliqua. Ut enim ad minim veniam, quis nostrud exercitation ullamco laboris nisi ut aliquip ex ea commodo consequat. Duis aute irure dolor in reprehenderit in voluptate velit esse cillum dolore eu fugiat nulla pariatur.
Lorem ipsum dolor sit amet, consectetur adipiscing elit, sed do eiusmod tempor incididunt ut labore et dolore magna aliqua. Ut enim ad minim veniam, quis nostrud exercitation ullamco laboris nisi ut aliquip ex ea commodo consequat. Duis aute irure dolor in reprehenderit in voluptate velit esse cillum dolore eu fugiat nulla pariatur.
J. KING'S
Lorem ipsum dolor sit amet, consectetur adipiscing elit, sed do eiusmod tempor incididunt ut labore et dolore magna aliqua. Ut enim ad minim veniam, quis nostrud exercitation ullamco laboris nisi ut aliquip ex ea commodo consequat. Duis aute irure dolor in reprehenderit in voluptate velit esse cillum dolore eu fugiat nulla pariatur.
Lorem ipsum dolor sit amet, consectetur adipiscing elit, sed do eiusmod tempor incididunt ut labore et dolore magna aliqua. Ut enim ad minim veniam, quis nostrud exercitation ullamco laboris nisi ut aliquip ex ea commodo consequat. Duis aute irure dolor in reprehenderit in voluptate velit esse cillum dolore eu fugiat nulla pariatur.
500 SILVER BROOCHES
Lorem ipsum dolor sit amet, consectetur adipiscing elit, sed do eiusmod tempor incididunt ut labore et dolore magna aliqua. Ut enim ad minim veniam, quis nostrud exercitation ullamco laboris nisi ut aliquip ex ea commodo consequat. Duis aute irure dolor in reprehenderit in voluptate velit esse cillum dolore eu fugiat nulla pariatur.
No. 5 CUBA STREET.
TAUERU ACCOMMODATION HOUSE & GENERAL STORE
Lorem ipsum dolor sit amet, consectetur adipiscing elit, sed do eiusmod tempor incididunt ut labore et dolore magna aliqua. Ut enim ad minim veniam, quis nostrud exercitation ullamco laboris nisi ut aliquip ex ea commodo consequat. Duis aute irure dolor in reprehenderit in voluptate velit esse cillum dolore eu fugiat nulla pariatur.
Lorem ipsum dolor sit amet, consectetur adipiscing elit, sed do eiusmod tempor incididunt ut labore et dolore magna aliqua. Ut enim ad minim veniam, quis nostrud exercitation ullamco laboris nisi ut aliquip ex ea commodo consequat. Duis aute irure dolor in reprehenderit in voluptate velit esse cillum dolore eu fugiat nulla pariatur.
RE-MARKED,
Saturday, Nov. 3rd,
ONE MONTH.
Great Reductions!
Lorem ipsum dolor sit amet, consectetur adipiscing elit, sed do eiusmod tempor incididunt ut labore et dolore magna aliqua. Ut enim ad minim veniam, quis nostrud exercitation ullamco laboris nisi ut aliquip ex ea commodo consequat. Duis aute irure dolor in reprehenderit in voluptate velit esse cillum dolore eu fugiat nulla pariatur.
JOSEPH CARPENTER
Lorem ipsum dolor sit amet, consectetur adipiscing elit, sed do eiusmod tempor incididunt ut labore et dolore magna aliqua. Ut enim ad minim veniam, quis nostrud exercitation ullamco laboris nisi ut aliquip ex ea commodo consequat. Duis aute irure dolor in reprehenderit in voluptate velit esse cillum dolore eu fugiat nulla pariatur.
GENERAL NOTICES.
FIRE! FIRE! FIRE!
Lorem ipsum dolor sit amet, consectetur adipiscing elit, sed do eiusmod tempor incididunt ut labore et dolore magna aliqua. Ut enim ad minim veniam, quis nostrud exercitation ullamco laboris nisi ut aliquip ex ea commodo consequat. Duis aute irure dolor in reprehenderit in voluptate velit esse cillum dolore eu fugiat nulla pariatur.
Lorem ipsum dolor sit amet, consectetur adipiscing elit, sed do eiusmod tempor incididunt ut labore et dolore magna aliqua. Ut enim ad minim veniam, quis nostrud exercitation ullamco laboris nisi ut aliquip ex ea commodo consequat. Duis aute irure dolor in reprehenderit in voluptate velit esse cillum dolore eu fugiat nulla pariatur.
Wholesale Drapery Company
ALL DEPARTMENTS ARE NOW REPLETE
Lorem ipsum dolor sit amet, consectetur adipiscing elit, sed do eiusmod tempor incididunt ut labore et dolore magna aliqua. Ut enim ad minim veniam, quis nostrud exercitation ullamco laboris nisi ut aliquip ex ea commodo consequat. Duis aute irure dolor in reprehenderit in voluptate velit esse cillum dolore eu fugiat nulla pariatur.
READY MONEY ONLY.
P. DICKSON,
Lorem ipsum dolor sit amet, consectetur adipiscing elit, sed do eiusmod tempor incididunt ut labore et dolore magna aliqua. Ut enim ad minim veniam, quis nostrud exercitation ullamco laboris nisi ut aliquip ex ea commodo consequat. Duis aute irure dolor in reprehenderit in voluptate velit esse cillum dolore eu fugiat nulla pariatur.
Lorem ipsum dolor sit amet, consectetur adipiscing elit, sed do eiusmod tempor incididunt ut labore et dolore magna aliqua. Ut enim ad minim veniam, quis nostrud exercitation ullamco laboris nisi ut aliquip ex ea commodo consequat. Duis aute irure dolor in reprehenderit in voluptate velit esse cillum dolore eu fugiat nulla pariatur.
LIME! LIME! LIME!
Lorem ipsum dolor sit amet, consectetur adipiscing elit, sed do eiusmod tempor incididunt ut labore et dolore magna aliqua. Ut enim ad minim veniam, quis nostrud exercitation ullamco laboris nisi ut aliquip ex ea commodo consequat. Duis aute irure dolor in reprehenderit in voluptate velit esse cillum dolore eu fugiat nulla pariatur.
Masterton Labor Exchange
Lorem ipsum dolor sit amet, consectetur adipiscing elit, sed do eiusmod tempor incididunt ut labore et dolore magna aliqua. Ut enim ad minim veniam, quis nostrud exercitation ullamco laboris nisi ut aliquip ex ea commodo consequat. Duis aute irure dolor in reprehenderit in voluptate velit esse cillum dolore eu fugiat nulla pariatur.
DEPRESSION
Lorem ipsum dolor sit amet, consectetur adipiscing elit, sed do eiusmod tempor incididunt ut labore et dolore magna aliqua. Ut enim ad minim veniam, quis nostrud exercitation ullamco laboris nisi ut aliquip ex ea commodo consequat. Duis aute irure dolor in reprehenderit in voluptate velit esse cillum dolore eu fugiat nulla pariatur.
MONEY TO BE SAVED
GEORGE DIXON
Lorem ipsum dolor sit amet, consectetur adipiscing elit, sed do eiusmod tempor incididunt ut labore et dolore magna aliqua. Ut enim ad minim veniam, quis nostrud exercitation ullamco laboris nisi ut aliquip ex ea commodo consequat. Duis aute irure dolor in reprehenderit in voluptate velit esse cillum dolore eu fugiat nulla pariatur.
Indo-China Teas.
FOR SALE.
Lorem ipsum dolor sit amet, consectetur adipiscing elit, sed do eiusmod tempor incididunt ut labore et dolore magna aliqua. Ut enim ad minim veniam, quis nostrud exercitation ullamco laboris nisi ut aliquip ex ea commodo consequat. Duis aute irure dolor in reprehenderit in voluptate velit esse cillum dolore eu fugiat nulla pariatur.
TO LET.
WAIRARAPA NORTH COUNTY.
WANTED.
Lorem ipsum dolor sit amet, consectetur adipiscing elit, sed do eiusmod tempor incididunt ut labore et dolore magna aliqua. Ut enim ad minim veniam, quis nostrud exercitation ullamco laboris nisi ut aliquip ex ea commodo consequat. Duis aute irure dolor in reprehenderit in voluptate velit esse cillum dolore eu fugiat nulla pariatur.
Lorem ipsum dolor sit amet, consectetur adipiscing elit, sed do eiusmod tempor incididunt ut labore et dolore magna aliqua. Ut enim ad minim veniam, quis nostrud exercitation ullamco laboris nisi ut aliquip ex ea commodo consequat. Duis aute irure dolor in reprehenderit in voluptate velit esse cillum dolore eu fugiat nulla pariatur.
Lorem ipsum dolor sit amet, consectetur adipiscing elit, sed do eiusmod tempor incididunt ut labore et dolore magna aliqua. Ut enim ad minim veniam, quis nostrud exercitation ullamco laboris nisi ut aliquip ex ea commodo consequat. Duis aute irure dolor in reprehenderit in voluptate velit esse cillum dolore eu fugiat nulla pariatur.
Lorem ipsum dolor sit amet, consectetur adipiscing elit, sed do eiusmod tempor incididunt ut labore et dolore magna aliqua. Ut enim ad minim veniam, quis nostrud exercitation ullamco laboris nisi ut aliquip ex ea commodo consequat. Duis aute irure dolor in reprehenderit in voluptate velit esse cillum dolore eu fugiat nulla pariatur.
Lorem ipsum dolor sit amet, consectetur adipiscing elit, sed do eiusmod tempor incididunt ut labore et dolore magna aliqua. Ut enim ad minim veniam, quis nostrud exercitation ullamco laboris nisi ut aliquip ex ea commodo consequat. Duis aute irure dolor in reprehenderit in voluptate velit esse cillum dolore eu fugiat nulla pariatur.
WANTED.
Lorem ipsum dolor sit amet, consectetur adipiscing elit, sed do eiusmod tempor incididunt ut labore et dolore magna aliqua. Ut enim ad minim veniam, quis nostrud exercitation ullamco laboris nisi ut aliquip ex ea commodo consequat. Duis aute irure dolor in reprehenderit in voluptate velit esse cillum dolore eu fugiat nulla pariatur.
Lorem ipsum dolor sit amet, consectetur adipiscing elit, sed do eiusmod tempor incididunt ut labore et dolore magna aliqua. Ut enim ad minim veniam, quis nostrud exercitation ullamco laboris nisi ut aliquip ex ea commodo consequat. Duis aute irure dolor in reprehenderit in voluptate velit esse cillum dolore eu fugiat nulla pariatur.
Lorem ipsum dolor sit amet, consectetur adipiscing elit, sed do eiusmod tempor incididunt ut labore et dolore magna aliqua. Ut enim ad minim veniam, quis nostrud exercitation ullamco laboris nisi ut aliquip ex ea commodo consequat. Duis aute irure dolor in reprehenderit in voluptate velit esse cillum dolore eu fugiat nulla pariatur.
Lorem ipsum dolor sit amet, consectetur adipiscing elit, sed do eiusmod tempor incididunt ut labore et dolore magna aliqua. Ut enim ad minim veniam, quis nostrud exercitation ullamco laboris nisi ut aliquip ex ea commodo consequat. Duis aute irure dolor in reprehenderit in voluptate velit esse cillum dolore eu fugiat nulla pariatur.
MRS. E. TAYLER'S
Lorem ipsum dolor sit amet, consectetur adipiscing elit, sed do eiusmod tempor incididunt ut labore et dolore magna aliqua. Ut enim ad minim veniam, quis nostrud exercitation ullamco laboris nisi ut aliquip ex ea commodo consequat. Duis aute irure dolor in reprehenderit in voluptate velit esse cillum dolore eu fugiat nulla pariatur.
Lorem ipsum dolor sit amet, consectetur adipiscing elit, sed do eiusmod tempor incididunt ut labore et dolore magna aliqua. Ut enim ad minim veniam, quis nostrud exercitation ullamco laboris nisi ut aliquip ex ea commodo consequat. Duis aute irure dolor in reprehenderit in voluptate velit esse cillum dolore eu fugiat nulla pariatur.
Lorem ipsum dolor sit amet, consectetur adipiscing elit, sed do eiusmod tempor incididunt ut labore et dolore magna aliqua. Ut enim ad minim veniam, quis nostrud exercitation ullamco laboris nisi ut aliquip ex ea commodo consequat. Duis aute irure dolor in reprehenderit in voluptate velit esse cillum dolore eu fugiat nulla pariatur.
Lorem ipsum dolor sit amet, consectetur adipiscing elit, sed do eiusmod tempor incididunt ut labore et dolore magna aliqua. Ut enim ad minim veniam, quis nostrud exercitation ullamco laboris nisi ut aliquip ex ea commodo consequat. Duis aute irure dolor in reprehenderit in voluptate velit esse cillum dolore eu fugiat nulla pariatur.
Lorem ipsum dolor sit amet, consectetur adipiscing elit, sed do eiusmod tempor incididunt ut labore et dolore magna aliqua. Ut enim ad minim veniam, quis nostrud exercitation ullamco laboris nisi ut aliquip ex ea commodo consequat. Duis aute irure dolor in reprehenderit in voluptate velit esse cillum dolore eu fugiat nulla pariatur.
Lorem ipsum dolor sit amet, consectetur adipiscing elit, sed do eiusmod tempor incididunt ut labore et dolore magna aliqua. Ut enim ad minim veniam, quis nostrud exercitation ullamco laboris nisi ut aliquip ex ea commodo consequat. Duis aute irure dolor in reprehenderit in voluptate velit esse cillum dolore eu fugiat nulla pariatur.
Lorem ipsum dolor sit amet, consectetur adipiscing elit, sed do eiusmod tempor incididunt ut labore et dolore magna aliqua. Ut enim ad minim veniam, quis nostrud exercitation ullamco laboris nisi ut aliquip ex ea commodo consequat. Duis aute irure dolor in reprehenderit in voluptate velit esse cillum dolore eu fugiat nulla pariatur.
Lorem ipsum dolor sit amet, consectetur adipiscing elit, sed do eiusmod tempor incididunt ut labore et dolore magna aliqua. Ut enim ad minim veniam, quis nostrud exercitation ullamco laboris nisi ut aliquip ex ea commodo consequat. Duis aute irure dolor in reprehenderit in voluptate velit esse cillum dolore eu fugiat nulla pariatur.
Lorem ipsum dolor sit amet, consectetur adipiscing elit, sed do eiusmod tempor incididunt ut labore et dolore magna aliqua. Ut enim ad minim veniam, quis nostrud exercitation ullamco laboris nisi ut aliquip ex ea commodo consequat. Duis aute irure dolor in reprehenderit in voluptate velit esse cillum dolore eu fugiat nulla pariatur.
TENDERS.
Lorem ipsum dolor sit amet, consectetur adipiscing elit, sed do eiusmod tempor incididunt ut labore et dolore magna aliqua. Ut enim ad minim veniam, quis nostrud exercitation ullamco laboris nisi ut aliquip ex ea commodo consequat. Duis aute irure dolor in reprehenderit in voluptate velit esse cillum dolore eu fugiat nulla pariatur.
Lost of about Seven Acres at Mangakuta.
Lorem ipsum dolor sit amet, consectetur adipiscing elit, sed do eiusmod tempor incididunt ut labore et dolore magna aliqua. Ut enim ad minim veniam, quis nostrud exercitation ullamco laboris nisi ut aliquip ex ea commodo consequat. Duis aute irure dolor in reprehenderit in voluptate velit esse cillum dolore eu fugiat nulla pariatur.
